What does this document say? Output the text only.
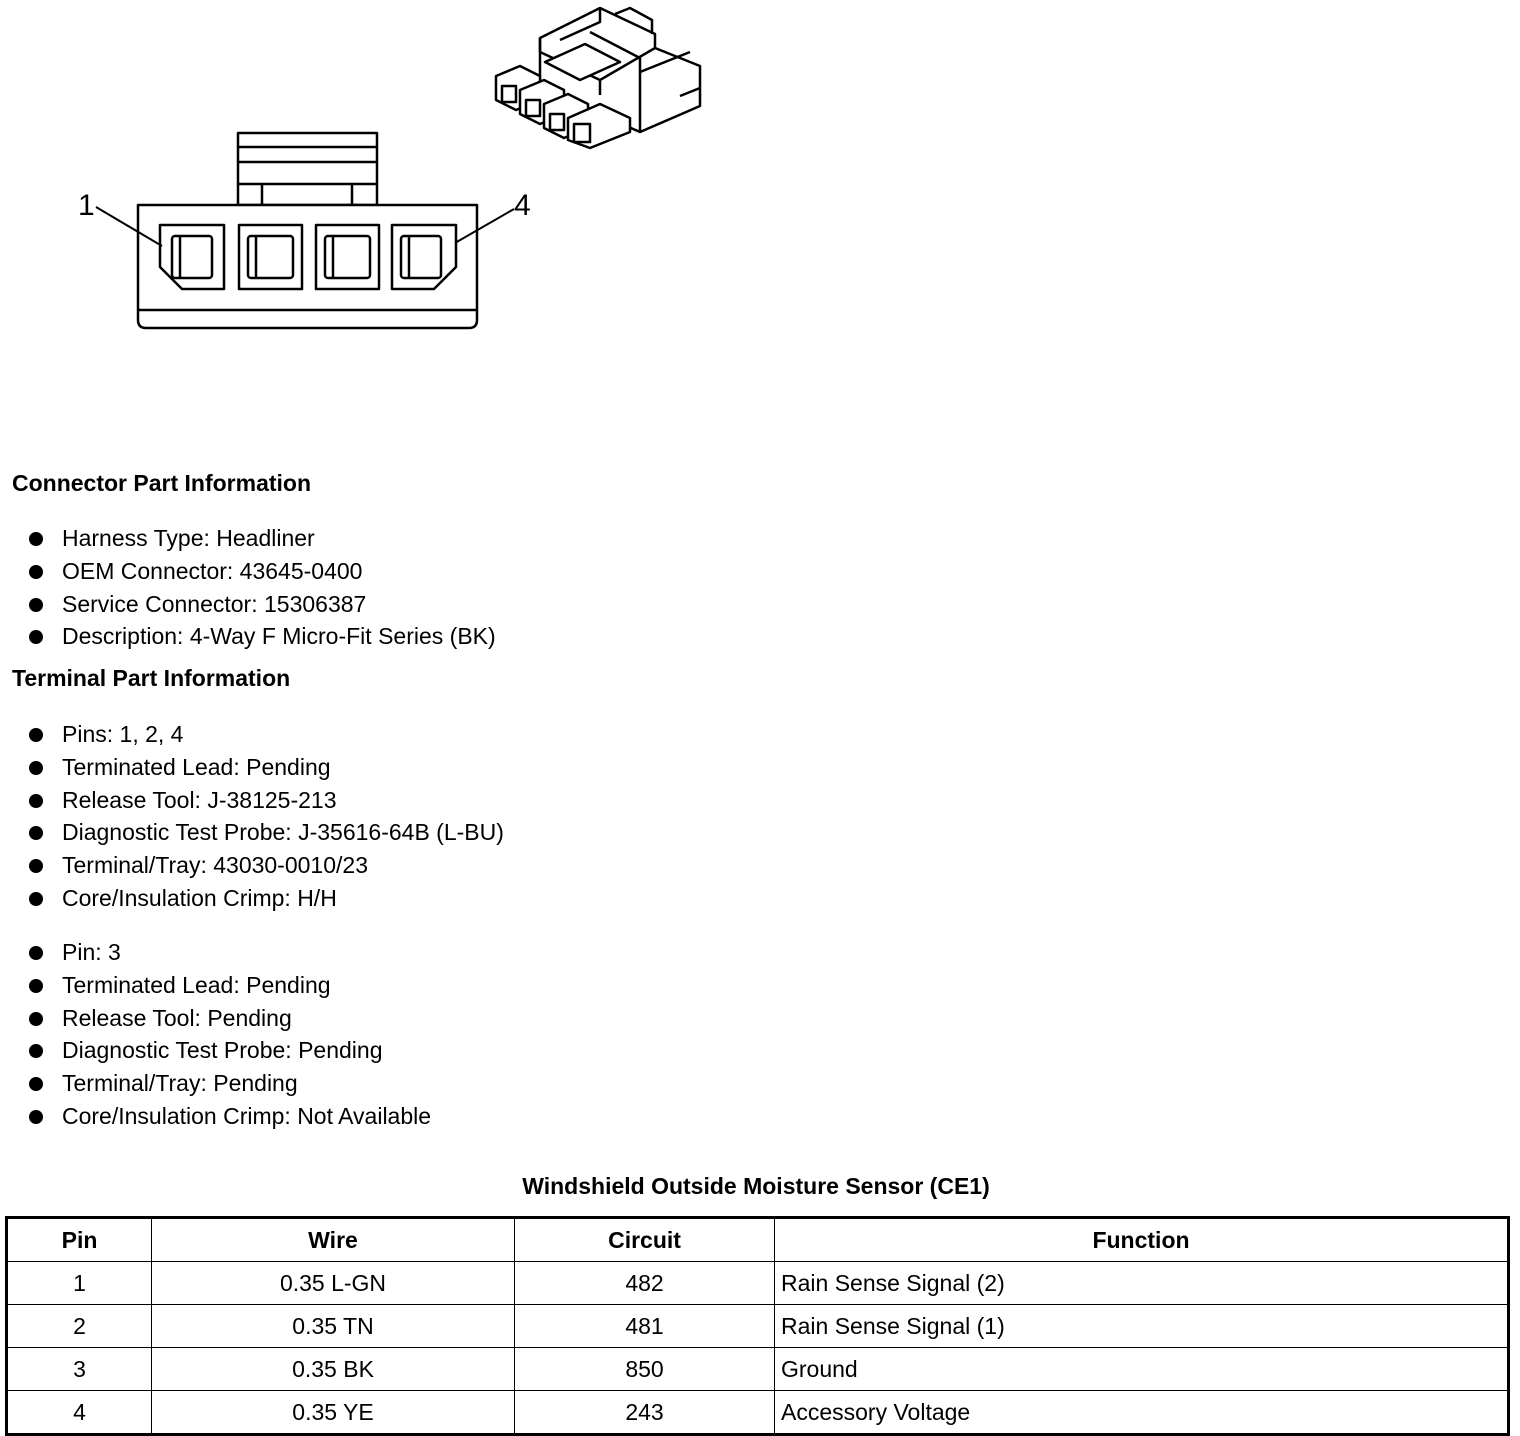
1	4
Connector Part Information
Harness Type: Headliner
OEM Connector: 43645-0400
Service Connector: 15306387
Description: 4-Way F Micro-Fit Series (BK)
Terminal Part Information
Pins: 1, 2, 4
Terminated Lead: Pending
Release Tool: J-38125-213
Diagnostic Test Probe: J-35616-64B (L-BU)
Terminal/Tray: 43030-0010/23
Core/Insulation Crimp: H/H
Pin: 3
Terminated Lead: Pending
Release Tool: Pending
Diagnostic Test Probe: Pending
Terminal/Tray: Pending
Core/Insulation Crimp: Not Available
Windshield Outside Moisture Sensor (CE1)
Pin	Wire	Circuit	Function
1	0.35 L-GN	482	Rain Sense Signal (2)
2	0.35 TN	481	Rain Sense Signal (1)
3	0.35 BK	850	Ground
4	0.35 YE	243	Accessory Voltage
